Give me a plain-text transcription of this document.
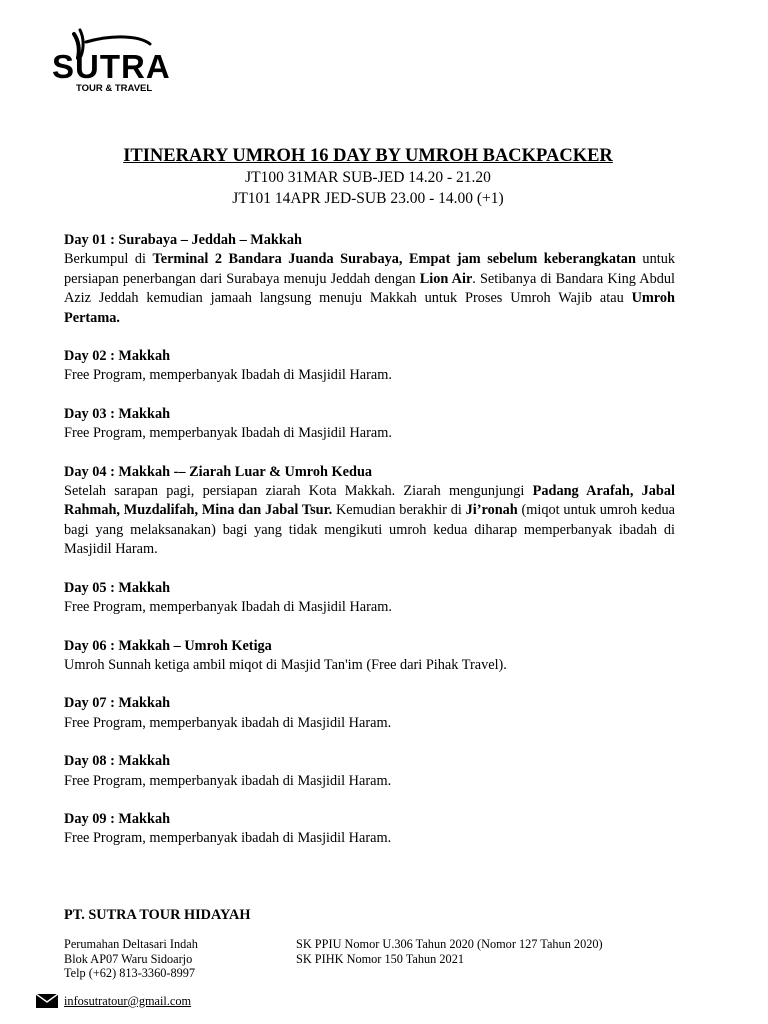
SUTRA
TOUR & TRAVEL
ITINERARY UMROH 16 DAY BY UMROH BACKPACKER
JT100 31MAR SUB-JED 14.20 - 21.20
JT101 14APR JED-SUB 23.00 - 14.00 (+1)
Day 01 : Surabaya – Jeddah – Makkah
Berkumpul di Terminal 2 Bandara Juanda Surabaya, Empat jam sebelum keberangkatan untuk persiapan penerbangan dari Surabaya menuju Jeddah dengan Lion Air. Setibanya di Bandara King Abdul Aziz Jeddah kemudian jamaah langsung menuju Makkah untuk Proses Umroh Wajib atau Umroh Pertama.
Day 02 : Makkah
Free Program, memperbanyak Ibadah di Masjidil Haram.
Day 03 : Makkah
Free Program, memperbanyak Ibadah di Masjidil Haram.
Day 04 : Makkah -– Ziarah Luar & Umroh Kedua
Setelah sarapan pagi, persiapan ziarah Kota Makkah. Ziarah mengunjungi Padang Arafah, Jabal Rahmah, Muzdalifah, Mina dan Jabal Tsur. Kemudian berakhir di Ji’ronah (miqot untuk umroh kedua bagi yang melaksanakan) bagi yang tidak mengikuti umroh kedua diharap memperbanyak ibadah di Masjidil Haram.
Day 05 : Makkah
Free Program, memperbanyak Ibadah di Masjidil Haram.
Day 06 : Makkah – Umroh Ketiga
Umroh Sunnah ketiga ambil miqot di Masjid Tan'im (Free dari Pihak Travel).
Day 07 : Makkah
Free Program, memperbanyak ibadah di Masjidil Haram.
Day 08 : Makkah
Free Program, memperbanyak ibadah di Masjidil Haram.
Day 09 : Makkah
Free Program, memperbanyak ibadah di Masjidil Haram.
PT. SUTRA TOUR HIDAYAH
Perumahan Deltasari Indah
Blok AP07 Waru Sidoarjo
Telp (+62) 813-3360-8997
SK PPIU Nomor U.306 Tahun 2020 (Nomor 127 Tahun 2020)
SK PIHK Nomor 150 Tahun 2021
infosutratour@gmail.com
